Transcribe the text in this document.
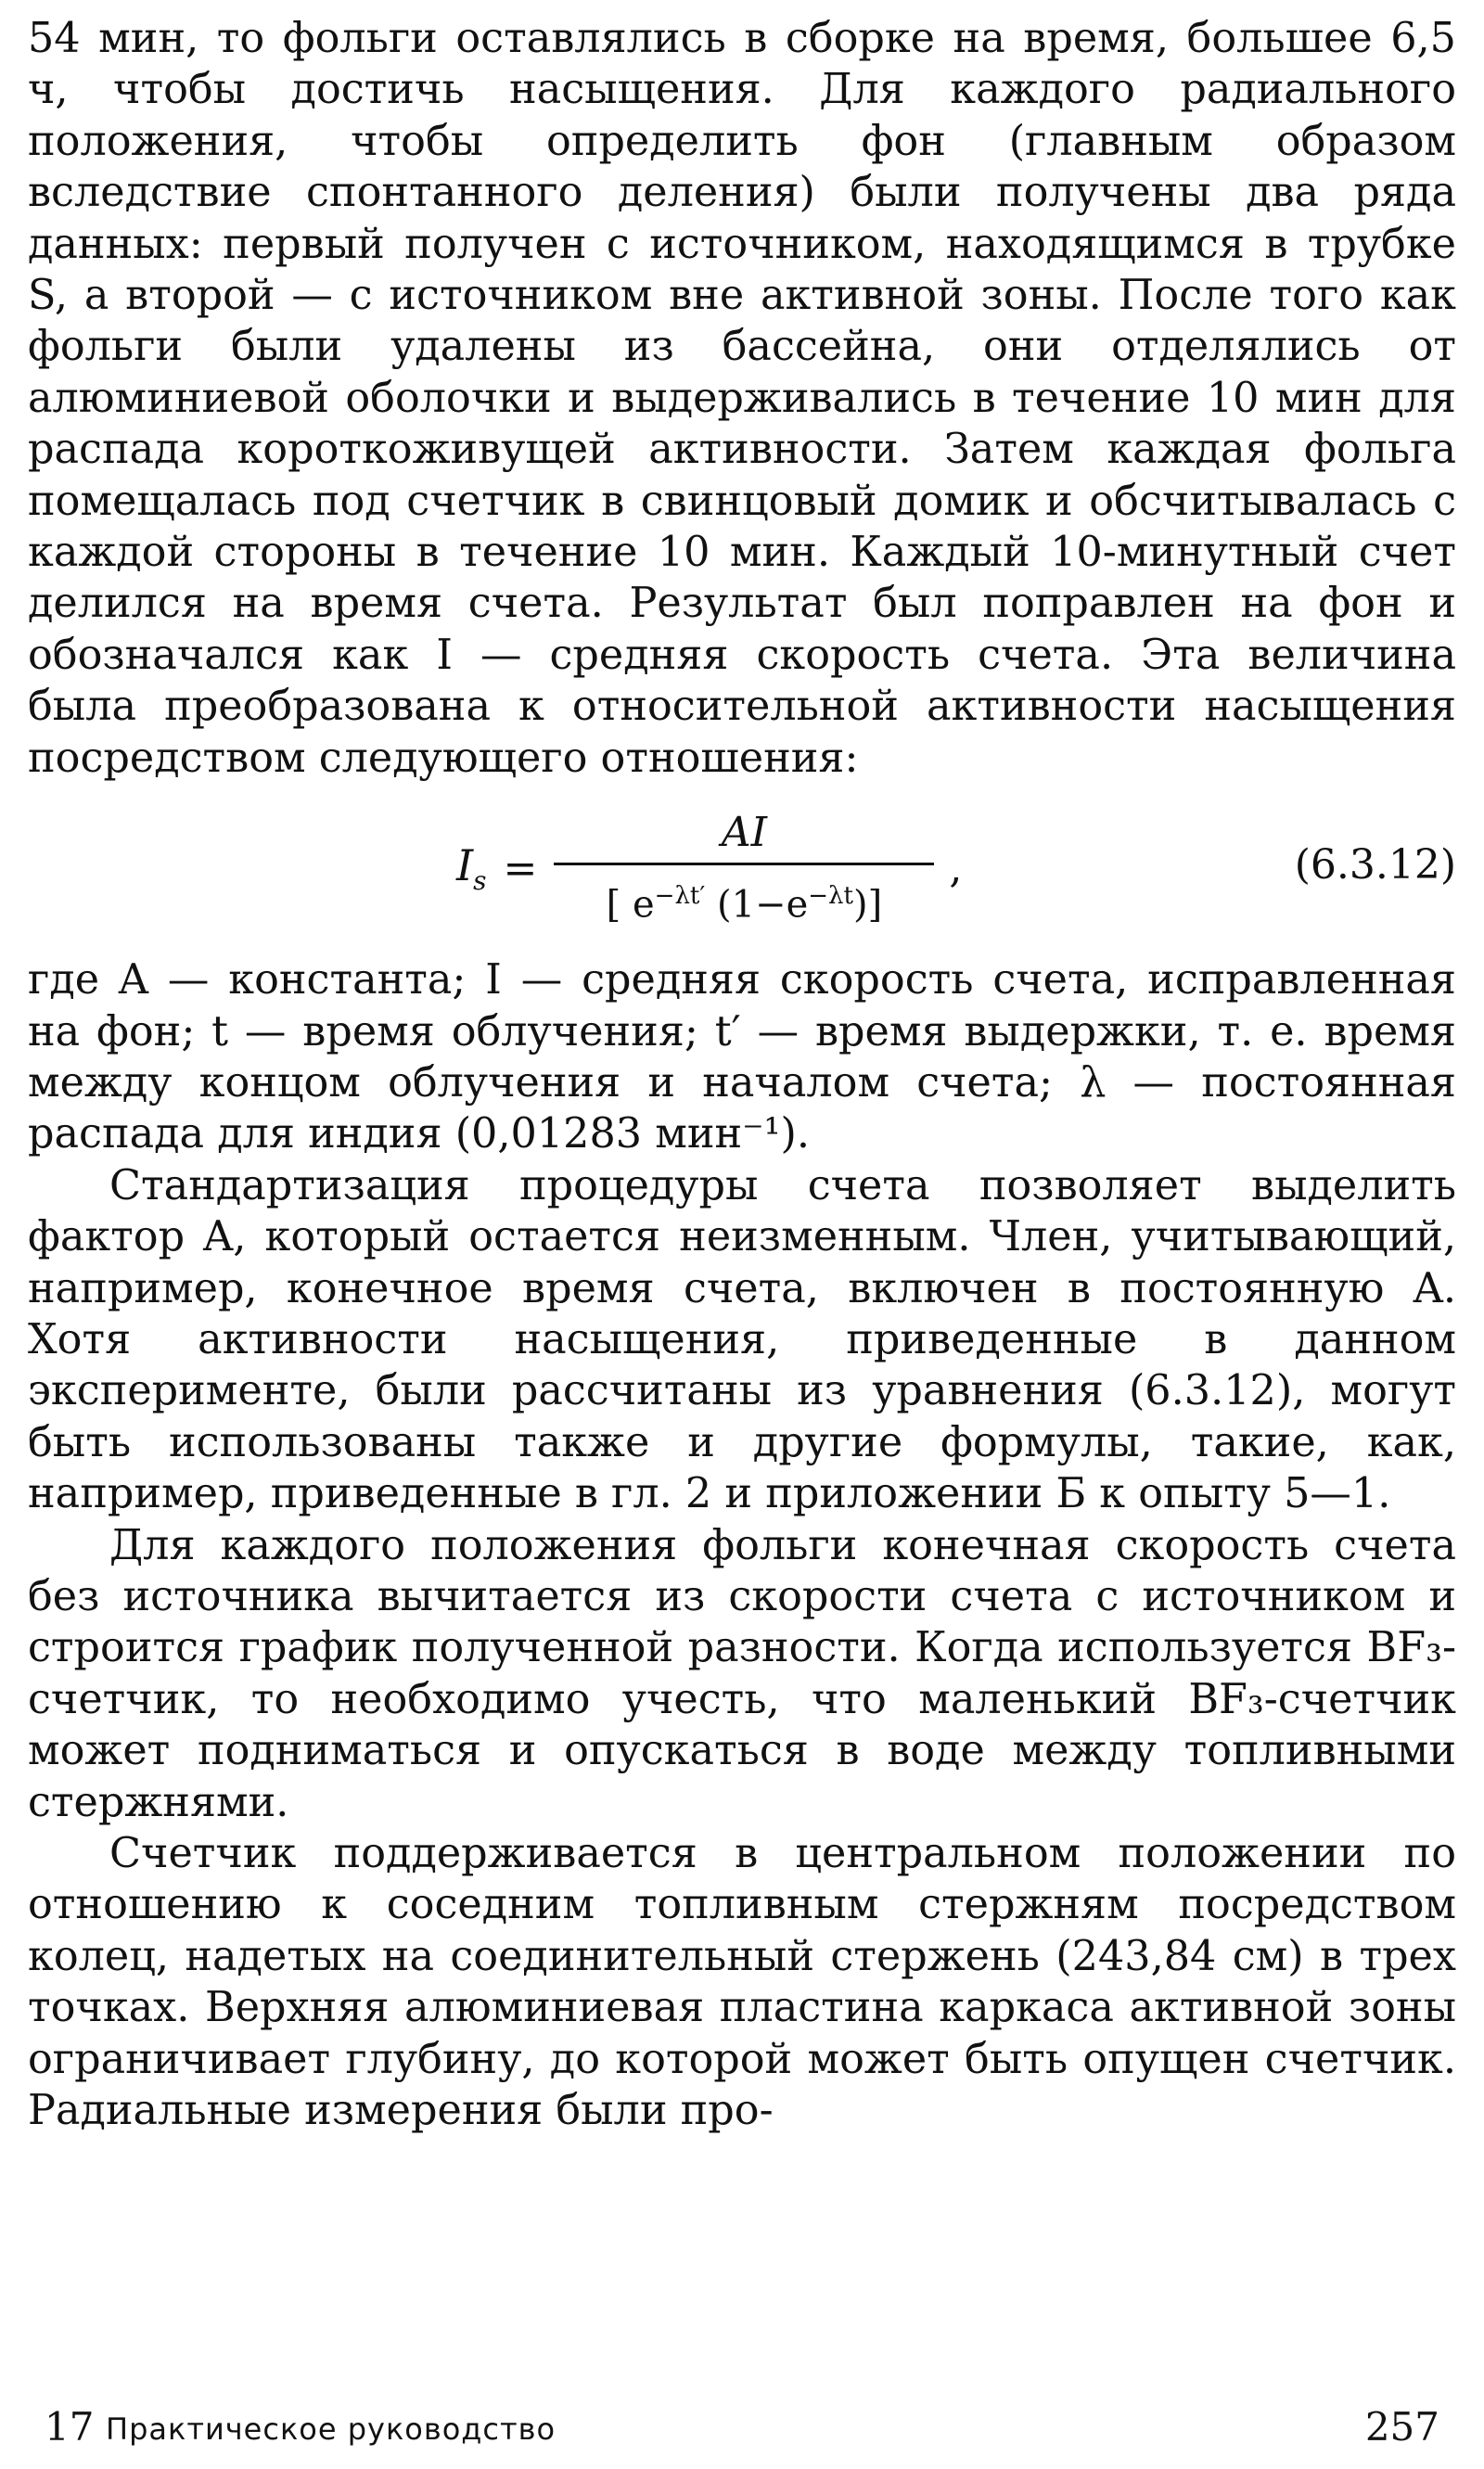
54 мин, то фольги оставлялись в сборке на время, большее 6,5 ч, чтобы достичь насыщения. Для каждого радиального положения, чтобы определить фон (главным образом вследствие спонтанного деления) были получены два ряда данных: первый получен с источником, находящимся в трубке S, а второй — с источником вне активной зоны. После того как фольги были удалены из бассейна, они отделялись от алюминиевой оболочки и выдерживались в течение 10 мин для распада короткоживущей активности. Затем каждая фольга помещалась под счетчик в свинцовый домик и обсчитывалась с каждой стороны в течение 10 мин. Каждый 10-минутный счет делился на время счета. Результат был поправлен на фон и обозначался как I — средняя скорость счета. Эта величина была преобразована к относительной активности насыщения посредством следующего отношения:

$I_s = \frac{AI}{[ e^{-\lambda t'} (1-e^{-\lambda t})]}$ ,	(6.3.12)

где A — константа; I — средняя скорость счета, исправленная на фон; t — время облучения; t′ — время выдержки, т. е. время между концом облучения и началом счета; λ — постоянная распада для индия (0,01283 мин⁻¹).

Стандартизация процедуры счета позволяет выделить фактор A, который остается неизменным. Член, учитывающий, например, конечное время счета, включен в постоянную A. Хотя активности насыщения, приведенные в данном эксперименте, были рассчитаны из уравнения (6.3.12), могут быть использованы также и другие формулы, такие, как, например, приведенные в гл. 2 и приложении Б к опыту 5—1.

Для каждого положения фольги конечная скорость счета без источника вычитается из скорости счета с источником и строится график полученной разности. Когда используется BF₃-счетчик, то необходимо учесть, что маленький BF₃-счетчик может подниматься и опускаться в воде между топливными стержнями.

Счетчик поддерживается в центральном положении по отношению к соседним топливным стержням посредством колец, надетых на соединительный стержень (243,84 см) в трех точках. Верхняя алюминиевая пластина каркаса активной зоны ограничивает глубину, до которой может быть опущен счетчик. Радиальные измерения были про-

17 Практическое руководство	257
